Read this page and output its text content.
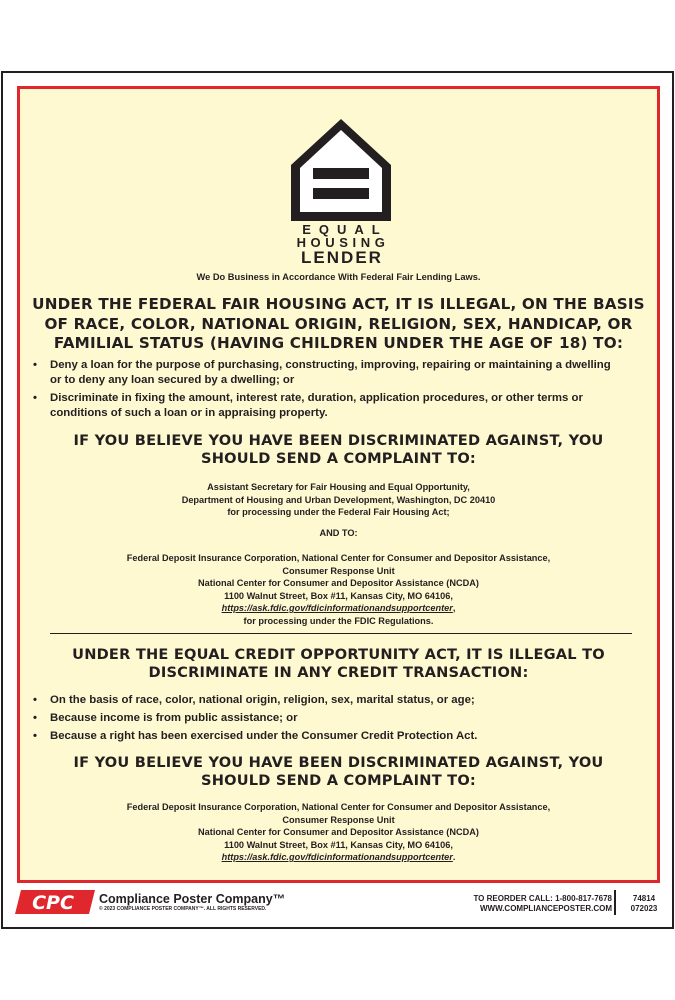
EQUAL
HOUSING
LENDER
We Do Business in Accordance With Federal Fair Lending Laws.
UNDER THE FEDERAL FAIR HOUSING ACT, IT IS ILLEGAL, ON THE BASIS
OF RACE, COLOR, NATIONAL ORIGIN, RELIGION, SEX, HANDICAP, OR
FAMILIAL STATUS (HAVING CHILDREN UNDER THE AGE OF 18) TO:
• Deny a loan for the purpose of purchasing, constructing, improving, repairing or maintaining a dwelling
or to deny any loan secured by a dwelling; or
• Discriminate in fixing the amount, interest rate, duration, application procedures, or other terms or
conditions of such a loan or in appraising property.
IF YOU BELIEVE YOU HAVE BEEN DISCRIMINATED AGAINST, YOU
SHOULD SEND A COMPLAINT TO:
Assistant Secretary for Fair Housing and Equal Opportunity,
Department of Housing and Urban Development, Washington, DC 20410
for processing under the Federal Fair Housing Act;
AND TO:
Federal Deposit Insurance Corporation, National Center for Consumer and Depositor Assistance,
Consumer Response Unit
National Center for Consumer and Depositor Assistance (NCDA)
1100 Walnut Street, Box #11, Kansas City, MO 64106,
https://ask.fdic.gov/fdicinformationandsupportcenter,
for processing under the FDIC Regulations.
UNDER THE EQUAL CREDIT OPPORTUNITY ACT, IT IS ILLEGAL TO
DISCRIMINATE IN ANY CREDIT TRANSACTION:
• On the basis of race, color, national origin, religion, sex, marital status, or age;
• Because income is from public assistance; or
• Because a right has been exercised under the Consumer Credit Protection Act.
IF YOU BELIEVE YOU HAVE BEEN DISCRIMINATED AGAINST, YOU
SHOULD SEND A COMPLAINT TO:
Federal Deposit Insurance Corporation, National Center for Consumer and Depositor Assistance,
Consumer Response Unit
National Center for Consumer and Depositor Assistance (NCDA)
1100 Walnut Street, Box #11, Kansas City, MO 64106,
https://ask.fdic.gov/fdicinformationandsupportcenter.
CPC Compliance Poster Company™
© 2023 COMPLIANCE POSTER COMPANY™. ALL RIGHTS RESERVED.
TO REORDER CALL: 1-800-817-7678
WWW.COMPLIANCEPOSTER.COM
74814
072023
